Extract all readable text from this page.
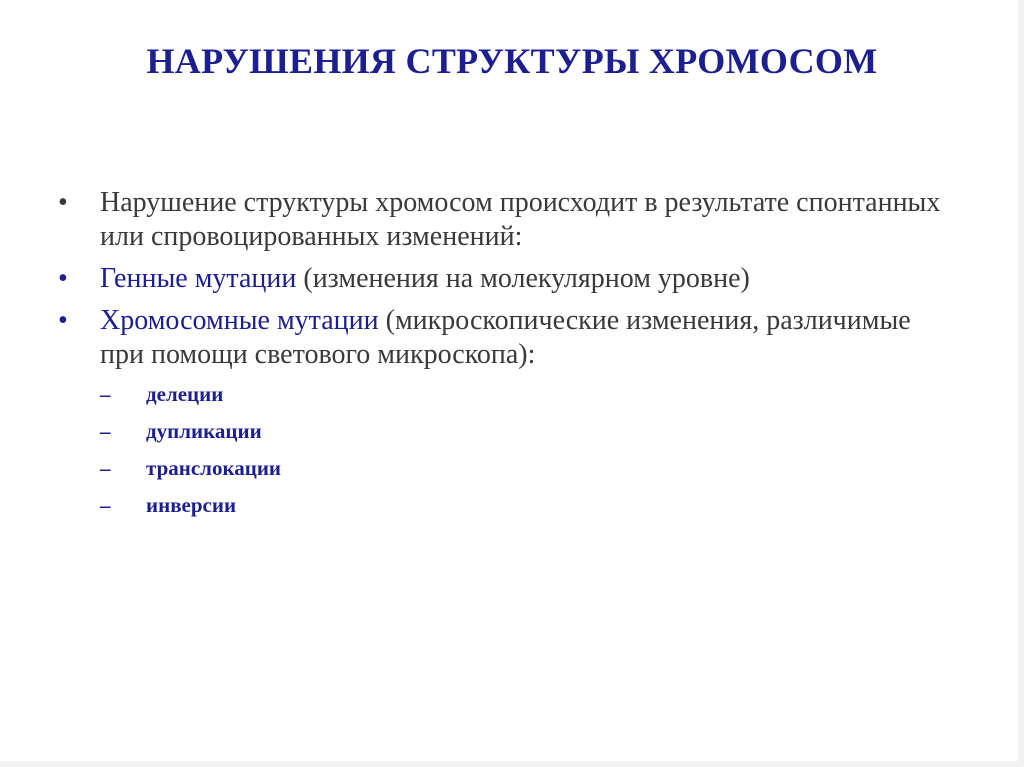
НАРУШЕНИЯ СТРУКТУРЫ ХРОМОСОМ
• Нарушение структуры хромосом происходит в результате спонтанных или спровоцированных изменений:
• Генные мутации (изменения на молекулярном уровне)
• Хромосомные мутации (микроскопические изменения, различимые при помощи светового микроскопа):
– делеции
– дупликации
– транслокации
– инверсии
